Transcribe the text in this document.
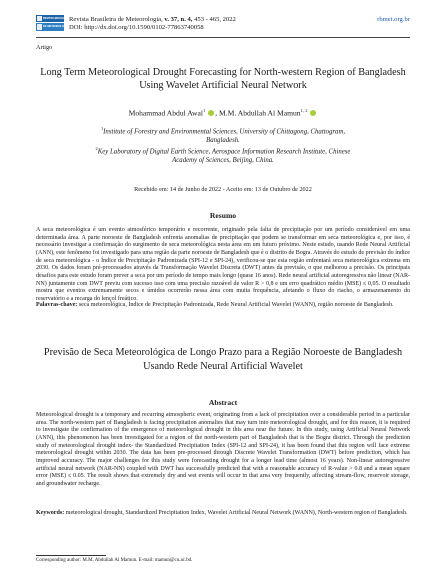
REVISTA BRASILEIRA
DE METEOROLOGIA
Revista Brasileira de Meteorologia, v. 37, n. 4, 453 - 465, 2022
DOI: http://dx.doi.org/10.1590/0102-77863740058
rbmet.org.br
Artigo
Long Term Meteorological Drought Forecasting for North-western Region of Bangladesh Using Wavelet Artificial Neural Network
Mohammad Abdul Awal$^1$ , M.M. Abdullah Al Mamun$^{1, 2}$
$^1$Institute of Forestry and Environmental Sciences, University of Chittagong, Chattogram,
Bangladesh.
$^2$Key Laboratory of Digital Earth Science, Aerospace Information Research Institute, Chinese
Academy of Sciences, Beijing, China.
Recebido em: 14 de Junho de 2022 - Aceito em: 13 de Outubro de 2022
Resumo
A seca meteorológica é um evento atmosférico temporário e recorrente, originado pela falta de precipitação por um período considerável em uma determinada área. A parte noroeste de Bangladesh enfrenta anomalias de precipitação que podem se transformar em seca meteorológica e, por isso, é necessário investigar a confirmação do surgimento de seca meteorológica nesta área em um futuro próximo. Neste estudo, usando Rede Neural Artificial (ANN), este fenômeno foi investigado para uma região da parte noroeste de Bangladesh que é o distrito de Bogra. Através do estudo de previsão do índice de seca meteorológica - o Índice de Precipitação Padronizada (SPI-12 e SPI-24), verificou-se que esta região enfrentará seca meteorológica extrema em 2030. Os dados foram pré-processados através da Transformação Wavelet Discreta (DWT) antes da previsão, o que melhorou a precisão. Os principais desafios para este estudo foram prever a seca por um período de tempo mais longo (quase 16 anos). Rede neural artificial autoregressiva não linear (NAR-NN) juntamente com DWT previu com sucesso isso com uma precisão razoável de valor R > 0,8 e um erro quadrático médio (MSE) ≤ 0,05. O resultado mostra que eventos extremamente secos e úmidos ocorrerão nessa área com muita frequência, afetando o fluxo do riacho, o armazenamento do reservatório e a recarga do lençol freático.
Palavras-chave: seca meteorológica, Índice de Precipitação Padronizada, Rede Neural Artificial Wavelet (WANN), região noroeste de Bangladesh.
Previsão de Seca Meteorológica de Longo Prazo para a Região Noroeste de Bangladesh Usando Rede Neural Artificial Wavelet
Abstract
Meteorological drought is a temporary and recurring atmospheric event, originating from a lack of precipitation over a considerable period in a particular area. The north-western part of Bangladesh is facing precipitation anomalies that may turn into meteorological drought, and for this reason, it is required to investigate the confirmation of the emergence of meteorological drought in this area near the future. In this study, using Artificial Neural Network (ANN), this phenomenon has been investigated for a region of the north-western part of Bangladesh that is the Bogra district. Through the prediction study of meteorological drought index- the Standardized Precipitation Index (SPI-12 and SPI-24), it has been found that this region will face extreme meteorological drought within 2030. The data has been pre-processed through Discrete Wavelet Transformation (DWT) before prediction, which has improved accuracy. The major challenges for this study were forecasting drought for a longer lead time (almost 16 years). Non-linear autoregressive artificial neural network (NAR-NN) coupled with DWT has successfully predicted that with a reasonable accuracy of R-value > 0.8 and a mean square error (MSE) ≤ 0.05. The result shows that extremely dry and wet events will occur in that area very frequently, affecting stream-flow, reservoir storage, and groundwater recharge.
Keywords: meteorological drought, Standardized Precipitation Index, Wavelet Artificial Neural Network (WANN), North-western region of Bangladesh.
Corresponding author: M.M. Abdullah Al Mamun. E-mail: mamun@cu.ac.bd.
